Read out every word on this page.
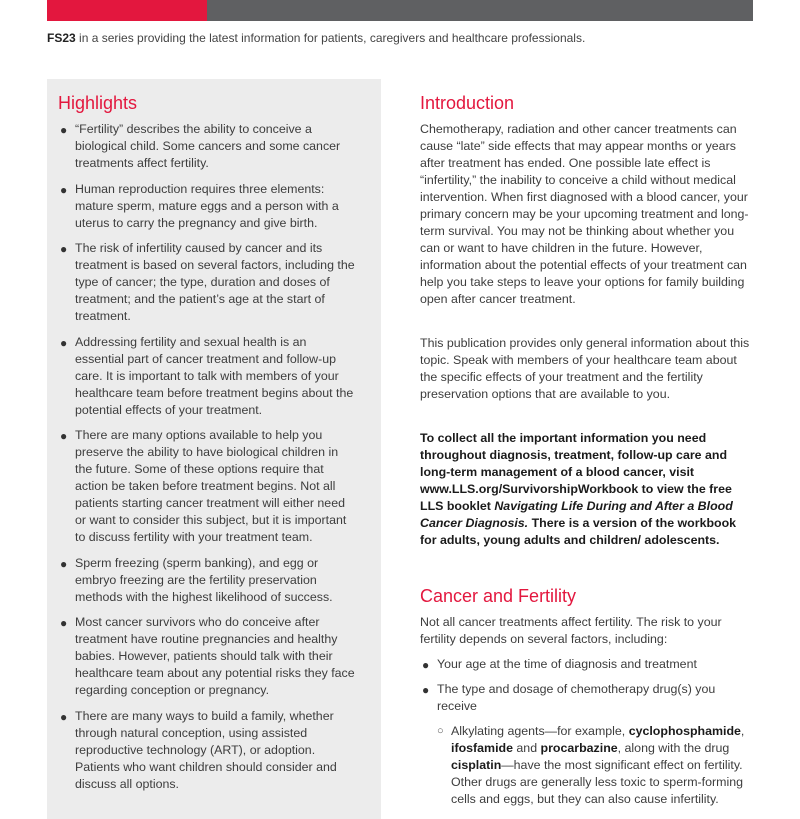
FS23 in a series providing the latest information for patients, caregivers and healthcare professionals.
Highlights
● “Fertility” describes the ability to conceive a biological child. Some cancers and some cancer treatments affect fertility.
● Human reproduction requires three elements: mature sperm, mature eggs and a person with a uterus to carry the pregnancy and give birth.
● The risk of infertility caused by cancer and its treatment is based on several factors, including the type of cancer; the type, duration and doses of treatment; and the patient’s age at the start of treatment.
● Addressing fertility and sexual health is an essential part of cancer treatment and follow-up care. It is important to talk with members of your healthcare team before treatment begins about the potential effects of your treatment.
● There are many options available to help you preserve the ability to have biological children in the future. Some of these options require that action be taken before treatment begins. Not all patients starting cancer treatment will either need or want to consider this subject, but it is important to discuss fertility with your treatment team.
● Sperm freezing (sperm banking), and egg or embryo freezing are the fertility preservation methods with the highest likelihood of success.
● Most cancer survivors who do conceive after treatment have routine pregnancies and healthy babies. However, patients should talk with their healthcare team about any potential risks they face regarding conception or pregnancy.
● There are many ways to build a family, whether through natural conception, using assisted reproductive technology (ART), or adoption. Patients who want children should consider and discuss all options.
Introduction

Chemotherapy, radiation and other cancer treatments can cause “late” side effects that may appear months or years after treatment has ended. One possible late effect is “infertility,” the inability to conceive a child without medical intervention. When first diagnosed with a blood cancer, your primary concern may be your upcoming treatment and long-term survival. You may not be thinking about whether you can or want to have children in the future. However, information about the potential effects of your treatment can help you take steps to leave your options for family building open after cancer treatment.

This publication provides only general information about this topic. Speak with members of your healthcare team about the specific effects of your treatment and the fertility preservation options that are available to you.

To collect all the important information you need throughout diagnosis, treatment, follow-up care and long-term management of a blood cancer, visit www.LLS.org/SurvivorshipWorkbook to view the free LLS booklet Navigating Life During and After a Blood Cancer Diagnosis. There is a version of the workbook for adults, young adults and children/ adolescents.

Cancer and Fertility

Not all cancer treatments affect fertility. The risk to your fertility depends on several factors, including:

● Your age at the time of diagnosis and treatment
● The type and dosage of chemotherapy drug(s) you receive
○ Alkylating agents—for example, cyclophosphamide, ifosfamide and procarbazine, along with the drug cisplatin—have the most significant effect on fertility. Other drugs are generally less toxic to sperm-forming cells and eggs, but they can also cause infertility.
